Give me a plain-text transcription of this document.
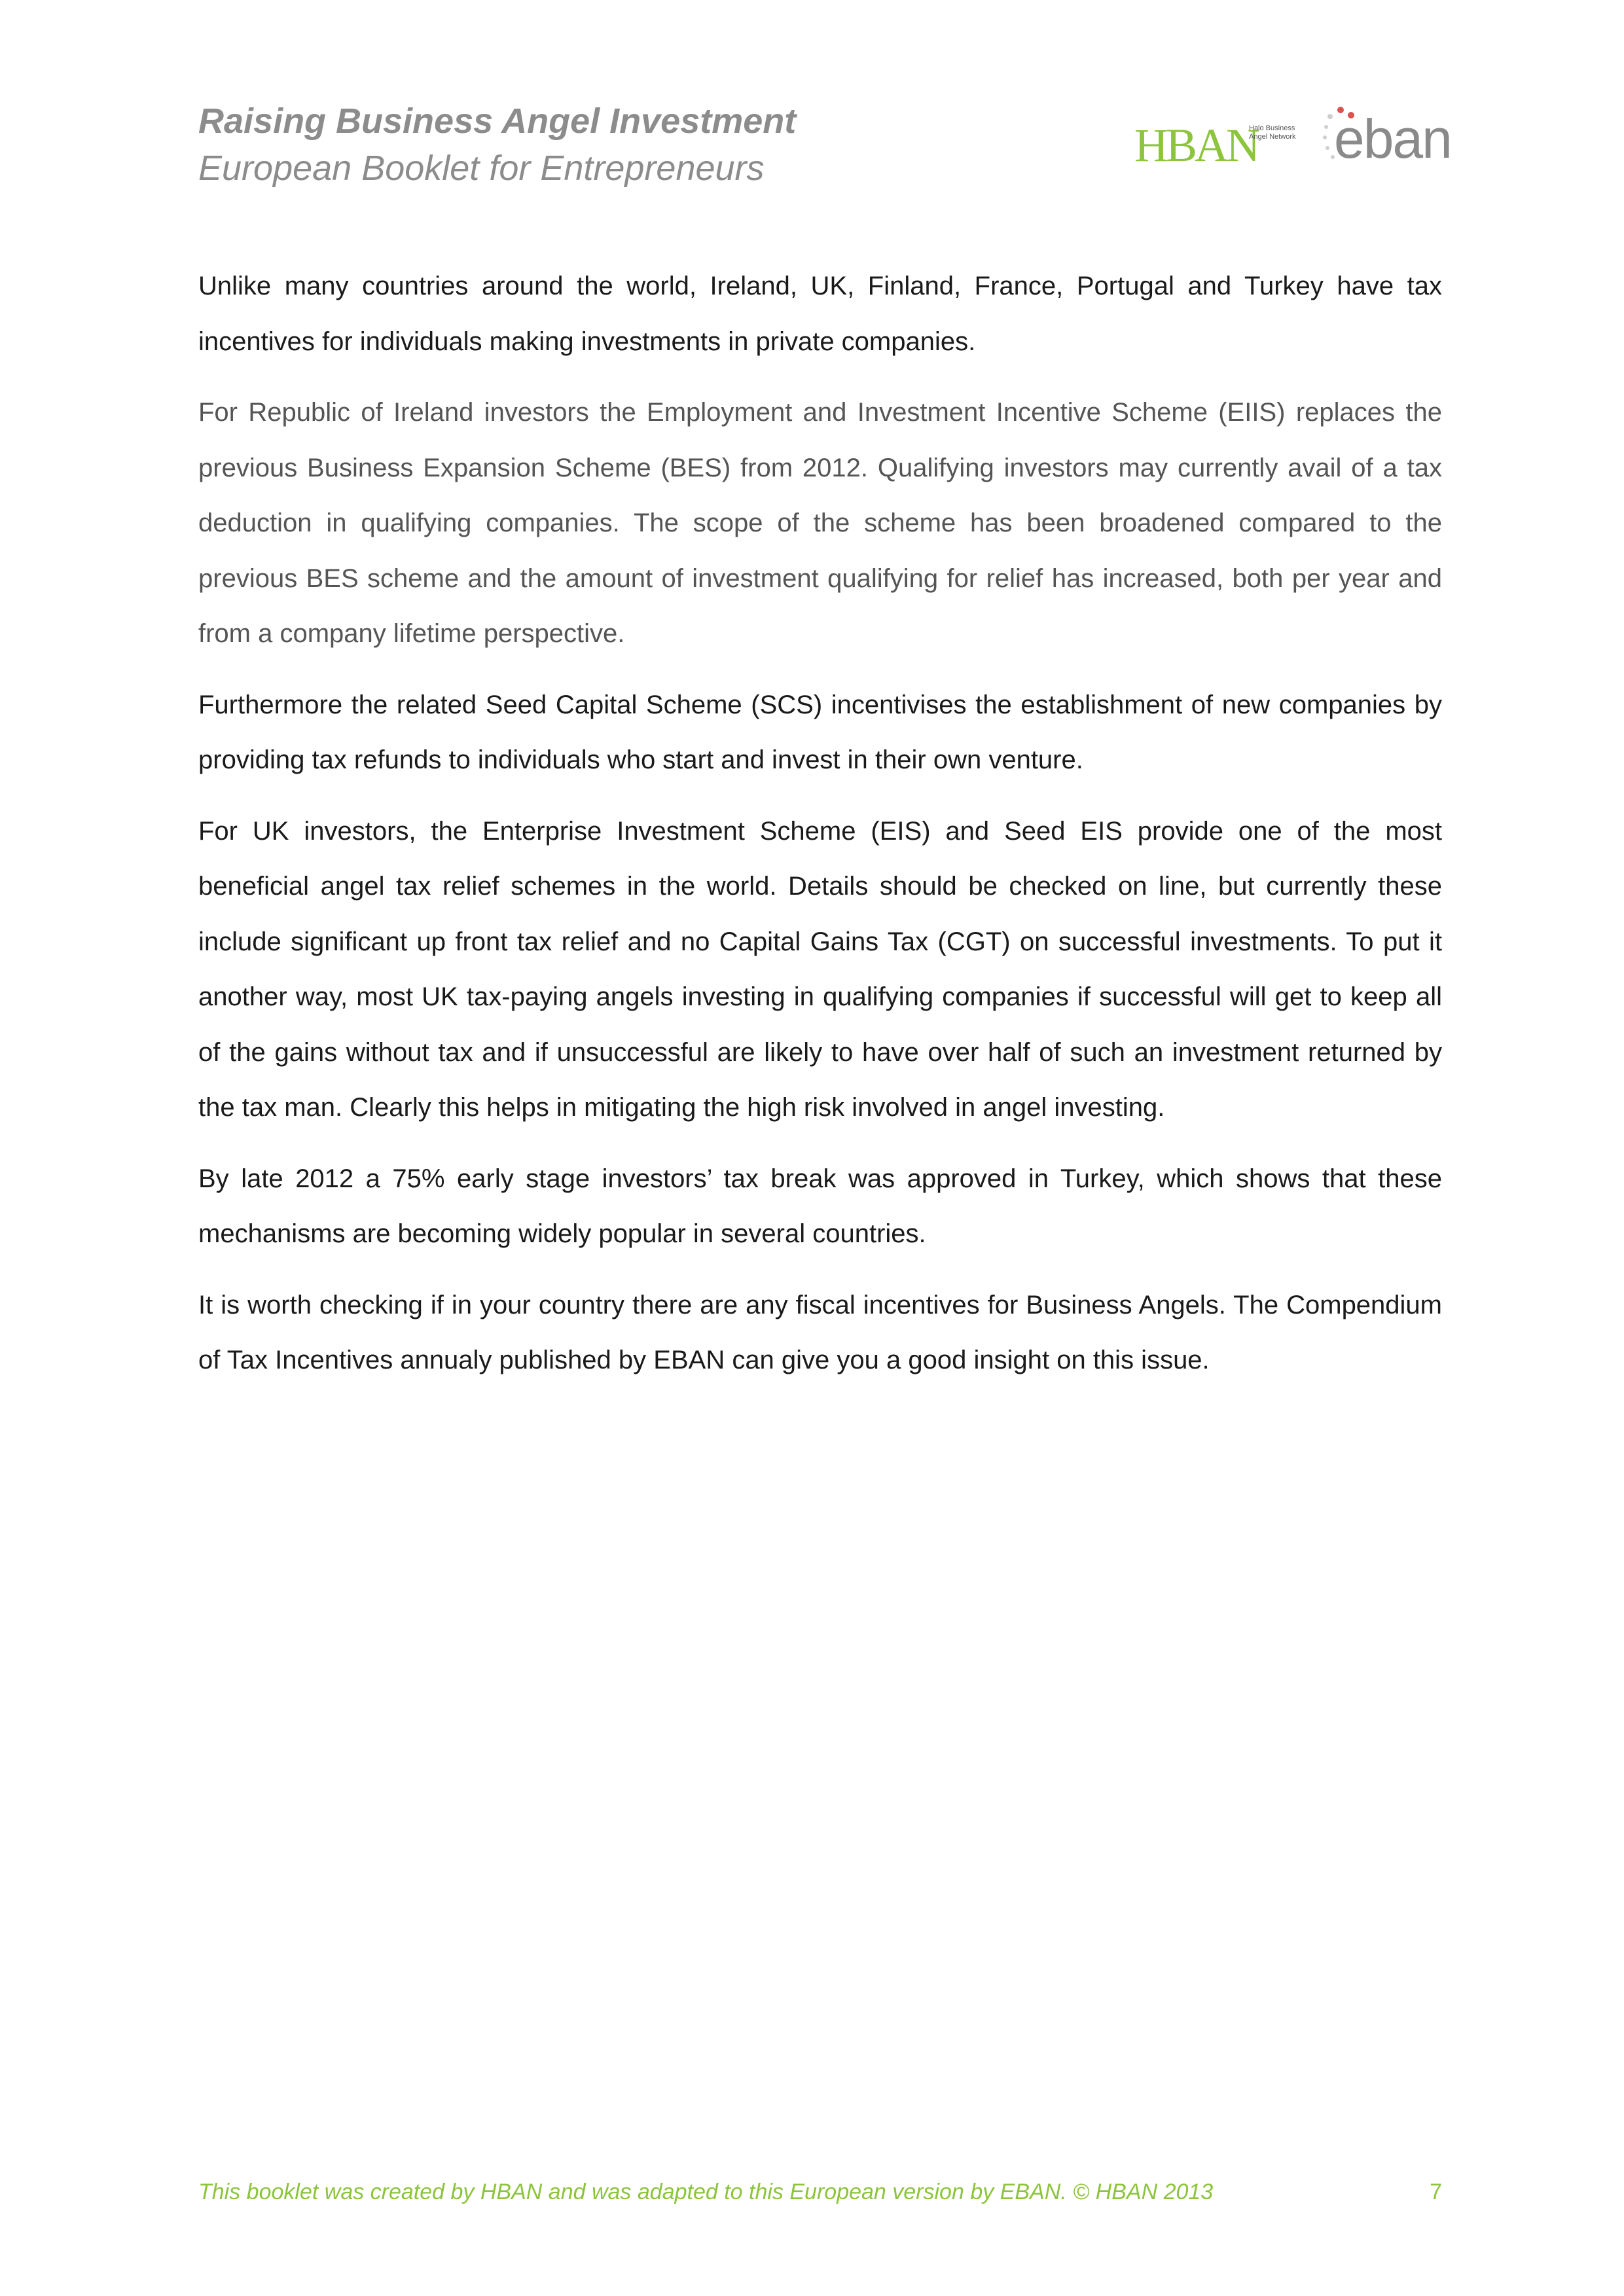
Raising Business Angel Investment
European Booklet for Entrepreneurs	HBAN
Halo Business Angel Network eban

Unlike many countries around the world, Ireland, UK, Finland, France, Portugal and Turkey have tax incentives for individuals making investments in private companies.

For Republic of Ireland investors the Employment and Investment Incentive Scheme (EIIS) replaces the previous Business Expansion Scheme (BES) from 2012. Qualifying investors may currently avail of a tax deduction in qualifying companies. The scope of the scheme has been broadened compared to the previous BES scheme and the amount of investment qualifying for relief has increased, both per year and from a company lifetime perspective.

Furthermore the related Seed Capital Scheme (SCS) incentivises the establishment of new companies by providing tax refunds to individuals who start and invest in their own venture.

For UK investors, the Enterprise Investment Scheme (EIS) and Seed EIS provide one of the most beneficial angel tax relief schemes in the world. Details should be checked on line, but currently these include significant up front tax relief and no Capital Gains Tax (CGT) on successful investments. To put it another way, most UK tax-paying angels investing in qualifying companies if successful will get to keep all of the gains without tax and if unsuccessful are likely to have over half of such an investment returned by the tax man. Clearly this helps in mitigating the high risk involved in angel investing.

By late 2012 a 75% early stage investors’ tax break was approved in Turkey, which shows that these mechanisms are becoming widely popular in several countries.

It is worth checking if in your country there are any fiscal incentives for Business Angels. The Compendium of Tax Incentives annualy published by EBAN can give you a good insight on this issue.

This booklet was created by HBAN and was adapted to this European version by EBAN. © HBAN 2013	7
